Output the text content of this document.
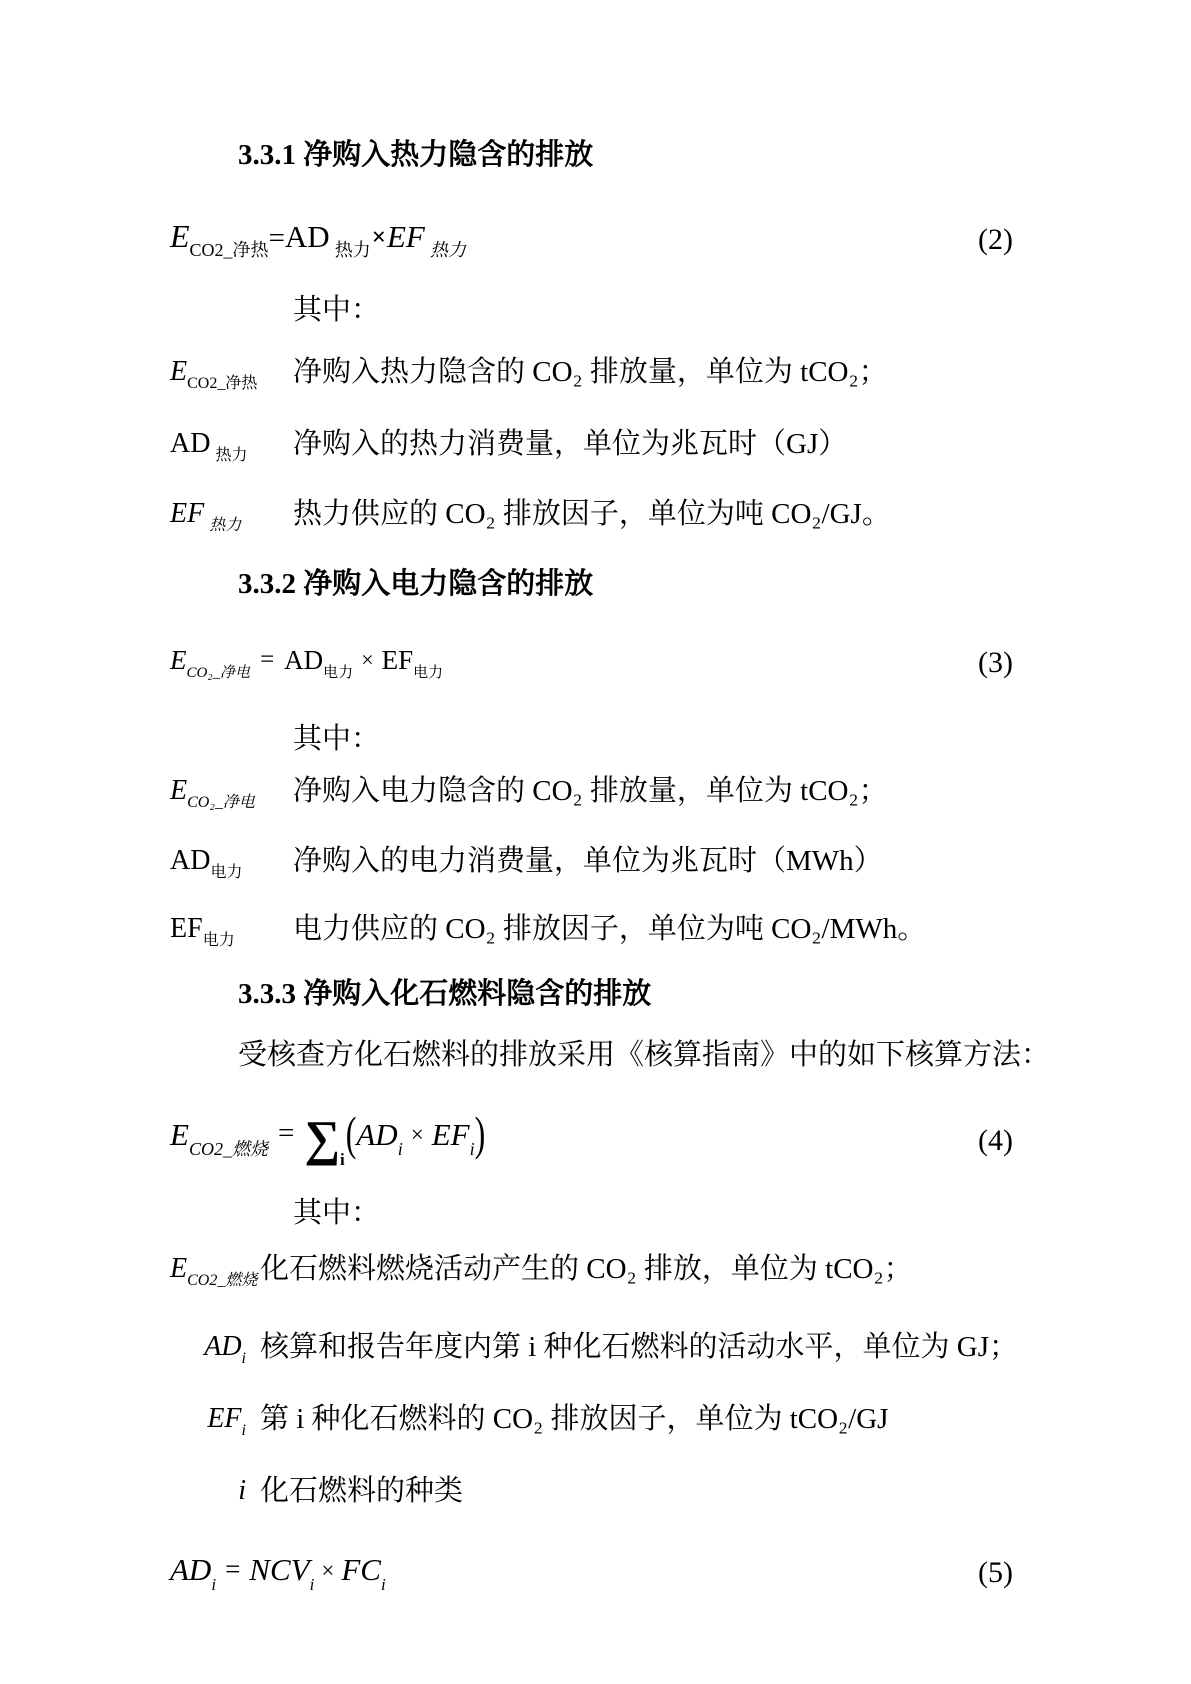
3.3.1 净购入热力隐含的排放
ECO2_净热=AD 热力×EF 热力	(2)
其中：
$E_{CO2\_净热}$	净购入热力隐含的 CO₂ 排放量，单位为 tCO₂；
AD $_{热力}$	净购入的热力消费量，单位为兆瓦时（GJ）
EF $_{热力}$	热力供应的 CO₂ 排放因子，单位为吨 CO₂/GJ。
3.3.2 净购入电力隐含的排放
ECO₂_净电 = AD电力× EF电力	(3)
其中：
$E_{CO_2\_净电}$	净购入电力隐含的 CO₂ 排放量，单位为 tCO₂；
$AD_{电力}$	净购入的电力消费量，单位为兆瓦时（MWh）
$EF_{电力}$	电力供应的 CO₂ 排放因子，单位为吨 CO₂/MWh。
3.3.3 净购入化石燃料隐含的排放
受核查方化石燃料的排放采用《核算指南》中的如下核算方法：
ECO2_燃烧 = ∑i(ADi× EFi)	(4)
其中：
$E_{CO2\_燃烧}$ 化石燃料燃烧活动产生的 CO₂ 排放，单位为 tCO₂；
$AD_i$ 核算和报告年度内第 i 种化石燃料的活动水平，单位为 GJ；
$EF_i$ 第 i 种化石燃料的 CO₂ 排放因子，单位为 tCO₂/GJ
i 化石燃料的种类
ADi= NCVi× FCi	(5)
